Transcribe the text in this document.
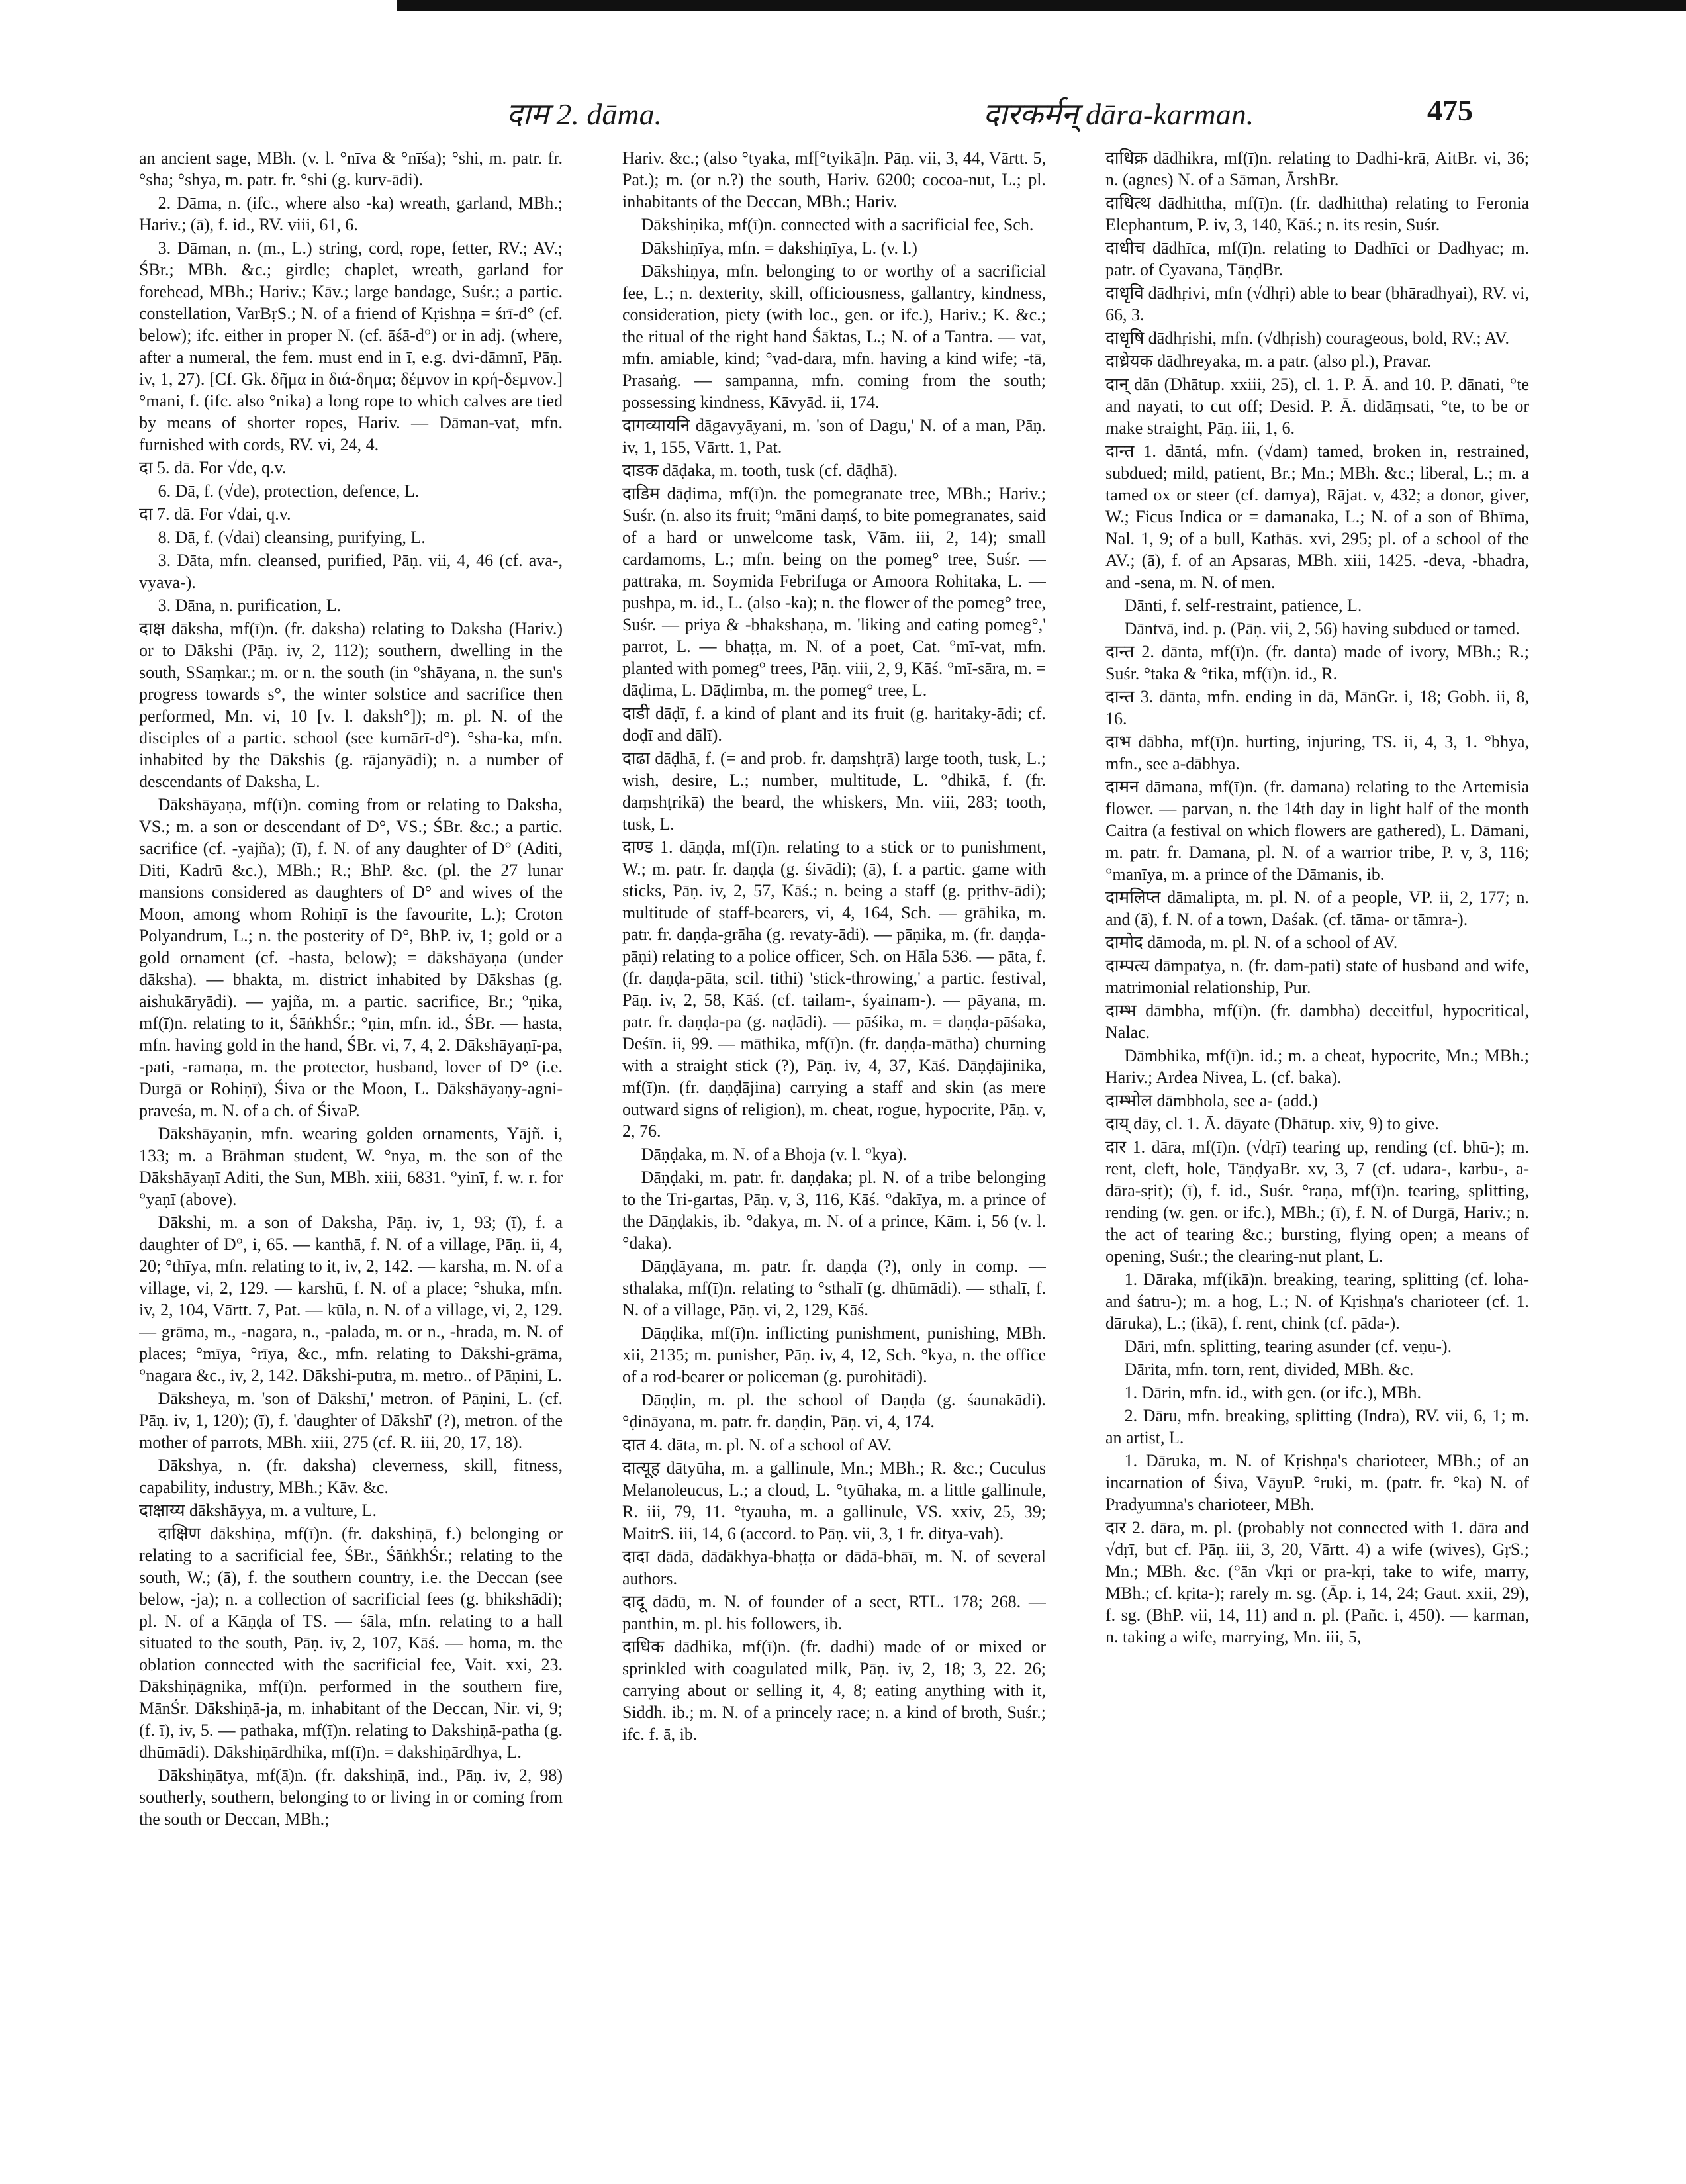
दाम 2. dāma.	दारकर्मन् dāra-karman.	475

an ancient sage, MBh. (v. l. °nīva & °nīśa); °shi, m. patr. fr. °sha; °shya, m. patr. fr. °shi (g. kurv-ādi).

2. Dāma, n. (ifc., where also -ka) wreath, garland, MBh.; Hariv.; (ā), f. id., RV. viii, 61, 6.

3. Dāman, n. (m., L.) string, cord, rope, fetter, RV.; AV.; ŚBr.; MBh. &c.; girdle; chaplet, wreath, garland for forehead, MBh.; Hariv.; Kāv.; large bandage, Suśr.; a partic. constellation, VarBṛS.; N. of a friend of Kṛishṇa = śrī-d° (cf. below); ifc. either in proper N. (cf. āśā-d°) or in adj. (where, after a numeral, the fem. must end in ī, e.g. dvi-dāmnī, Pāṇ. iv, 1, 27). [Cf. Gk. δῆμα in διά-δημα; δέμνον in κρή-δεμνον.] °mani, f. (ifc. also °nika) a long rope to which calves are tied by means of shorter ropes, Hariv. — Dāman-vat, mfn. furnished with cords, RV. vi, 24, 4.

दा 5. dā. For √de, q.v.

6. Dā, f. (√de), protection, defence, L.

दा 7. dā. For √dai, q.v.

8. Dā, f. (√dai) cleansing, purifying, L.

3. Dāta, mfn. cleansed, purified, Pāṇ. vii, 4, 46 (cf. ava-, vyava-).

3. Dāna, n. purification, L.

दाक्ष dāksha, mf(ī)n. (fr. daksha) relating to Daksha (Hariv.) or to Dākshi (Pāṇ. iv, 2, 112); southern, dwelling in the south, SSaṃkar.; m. or n. the south (in °shāyana, n. the sun's progress towards s°, the winter solstice and sacrifice then performed, Mn. vi, 10 [v. l. daksh°]); m. pl. N. of the disciples of a partic. school (see kumārī-d°). °sha-ka, mfn. inhabited by the Dākshis (g. rājanyādi); n. a number of descendants of Daksha, L.

Dākshāyaṇa, mf(ī)n. coming from or relating to Daksha, VS.; m. a son or descendant of D°, VS.; ŚBr. &c.; a partic. sacrifice (cf. -yajña); (ī), f. N. of any daughter of D° (Aditi, Diti, Kadrū &c.), MBh.; R.; BhP. &c. (pl. the 27 lunar mansions considered as daughters of D° and wives of the Moon, among whom Rohiṇī is the favourite, L.); Croton Polyandrum, L.; n. the posterity of D°, BhP. iv, 1; gold or a gold ornament (cf. -hasta, below); = dākshāyaṇa (under dāksha). — bhakta, m. district inhabited by Dākshas (g. aishukāryādi). — yajña, m. a partic. sacrifice, Br.; °ṇika, mf(ī)n. relating to it, ŚāṅkhŚr.; °ṇin, mfn. id., ŚBr. — hasta, mfn. having gold in the hand, ŚBr. vi, 7, 4, 2. Dākshāyaṇī-pa, -pati, -ramaṇa, m. the protector, husband, lover of D° (i.e. Durgā or Rohiṇī), Śiva or the Moon, L. Dākshāyaṇy-agni-praveśa, m. N. of a ch. of ŚivaP.

Dākshāyaṇin, mfn. wearing golden ornaments, Yājñ. i, 133; m. a Brāhman student, W. °nya, m. the son of the Dākshāyaṇī Aditi, the Sun, MBh. xiii, 6831. °yinī, f. w. r. for °yaṇī (above).

Dākshi, m. a son of Daksha, Pāṇ. iv, 1, 93; (ī), f. a daughter of D°, i, 65. — kanthā, f. N. of a village, Pāṇ. ii, 4, 20; °thīya, mfn. relating to it, iv, 2, 142. — karsha, m. N. of a village, vi, 2, 129. — karshū, f. N. of a place; °shuka, mfn. iv, 2, 104, Vārtt. 7, Pat. — kūla, n. N. of a village, vi, 2, 129. — grāma, m., -nagara, n., -palada, m. or n., -hrada, m. N. of places; °mīya, °rīya, &c., mfn. relating to Dākshi-grāma, °nagara &c., iv, 2, 142. Dākshi-putra, m. metro.. of Pāṇini, L.

Dāksheya, m. 'son of Dākshī,' metron. of Pāṇini, L. (cf. Pāṇ. iv, 1, 120); (ī), f. 'daughter of Dākshī' (?), metron. of the mother of parrots, MBh. xiii, 275 (cf. R. iii, 20, 17, 18).

Dākshya, n. (fr. daksha) cleverness, skill, fitness, capability, industry, MBh.; Kāv. &c.

दाक्षाय्य dākshāyya, m. a vulture, L.

दाक्षिण dākshiṇa, mf(ī)n. (fr. dakshiṇā, f.) belonging or relating to a sacrificial fee, ŚBr., ŚāṅkhŚr.; relating to the south, W.; (ā), f. the southern country, i.e. the Deccan (see below, -ja); n. a collection of sacrificial fees (g. bhikshādi); pl. N. of a Kāṇḍa of TS. — śāla, mfn. relating to a hall situated to the south, Pāṇ. iv, 2, 107, Kāś. — homa, m. the oblation connected with the sacrificial fee, Vait. xxi, 23. Dākshiṇāgnika, mf(ī)n. performed in the southern fire, MānŚr. Dākshiṇā-ja, m. inhabitant of the Deccan, Nir. vi, 9; (f. ī), iv, 5. — pathaka, mf(ī)n. relating to Dakshiṇā-patha (g. dhūmādi). Dākshiṇārdhika, mf(ī)n. = dakshiṇārdhya, L.

Dākshiṇātya, mf(ā)n. (fr. dakshiṇā, ind., Pāṇ. iv, 2, 98) southerly, southern, belonging to or living in or coming from the south or Deccan, MBh.;

Hariv. &c.; (also °tyaka, mf[°tyikā]n. Pāṇ. vii, 3, 44, Vārtt. 5, Pat.); m. (or n.?) the south, Hariv. 6200; cocoa-nut, L.; pl. inhabitants of the Deccan, MBh.; Hariv.

Dākshiṇika, mf(ī)n. connected with a sacrificial fee, Sch.

Dākshiṇīya, mfn. = dakshiṇīya, L. (v. l.)

Dākshiṇya, mfn. belonging to or worthy of a sacrificial fee, L.; n. dexterity, skill, officiousness, gallantry, kindness, consideration, piety (with loc., gen. or ifc.), Hariv.; K. &c.; the ritual of the right hand Śāktas, L.; N. of a Tantra. — vat, mfn. amiable, kind; °vad-dara, mfn. having a kind wife; -tā, Prasaṅg. — sampanna, mfn. coming from the south; possessing kindness, Kāvyād. ii, 174.

दागव्यायनि dāgavyāyani, m. 'son of Dagu,' N. of a man, Pāṇ. iv, 1, 155, Vārtt. 1, Pat.

दाडक dāḍaka, m. tooth, tusk (cf. dāḍhā).

दाडिम dāḍima, mf(ī)n. the pomegranate tree, MBh.; Hariv.; Suśr. (n. also its fruit; °māni daṃś, to bite pomegranates, said of a hard or unwelcome task, Vām. iii, 2, 14); small cardamoms, L.; mfn. being on the pomeg° tree, Suśr. — pattraka, m. Soymida Febrifuga or Amoora Rohitaka, L. — pushpa, m. id., L. (also -ka); n. the flower of the pomeg° tree, Suśr. — priya & -bhakshaṇa, m. 'liking and eating pomeg°,' parrot, L. — bhaṭṭa, m. N. of a poet, Cat. °mī-vat, mfn. planted with pomeg° trees, Pāṇ. viii, 2, 9, Kāś. °mī-sāra, m. = dāḍima, L. Dāḍimba, m. the pomeg° tree, L.

दाडी dāḍī, f. a kind of plant and its fruit (g. haritaky-ādi; cf. doḍī and dālī).

दाढा dāḍhā, f. (= and prob. fr. daṃshṭrā) large tooth, tusk, L.; wish, desire, L.; number, multitude, L. °dhikā, f. (fr. daṃshṭrikā) the beard, the whiskers, Mn. viii, 283; tooth, tusk, L.

दाण्ड 1. dāṇḍa, mf(ī)n. relating to a stick or to punishment, W.; m. patr. fr. daṇḍa (g. śivādi); (ā), f. a partic. game with sticks, Pāṇ. iv, 2, 57, Kāś.; n. being a staff (g. pṛithv-ādi); multitude of staff-bearers, vi, 4, 164, Sch. — grāhika, m. patr. fr. daṇḍa-grāha (g. revaty-ādi). — pāṇika, m. (fr. daṇḍa-pāṇi) relating to a police officer, Sch. on Hāla 536. — pāta, f. (fr. daṇḍa-pāta, scil. tithi) 'stick-throwing,' a partic. festival, Pāṇ. iv, 2, 58, Kāś. (cf. tailam-, śyainam-). — pāyana, m. patr. fr. daṇḍa-pa (g. naḍādi). — pāśika, m. = daṇḍa-pāśaka, Deśīn. ii, 99. — māthika, mf(ī)n. (fr. daṇḍa-mātha) churning with a straight stick (?), Pāṇ. iv, 4, 37, Kāś. Dāṇḍājinika, mf(ī)n. (fr. daṇḍājina) carrying a staff and skin (as mere outward signs of religion), m. cheat, rogue, hypocrite, Pāṇ. v, 2, 76.

Dāṇḍaka, m. N. of a Bhoja (v. l. °kya).

Dāṇḍaki, m. patr. fr. daṇḍaka; pl. N. of a tribe belonging to the Tri-gartas, Pāṇ. v, 3, 116, Kāś. °dakīya, m. a prince of the Dāṇḍakis, ib. °dakya, m. N. of a prince, Kām. i, 56 (v. l. °daka).

Dāṇḍāyana, m. patr. fr. daṇḍa (?), only in comp. — sthalaka, mf(ī)n. relating to °sthalī (g. dhūmādi). — sthalī, f. N. of a village, Pāṇ. vi, 2, 129, Kāś.

Dāṇḍika, mf(ī)n. inflicting punishment, punishing, MBh. xii, 2135; m. punisher, Pāṇ. iv, 4, 12, Sch. °kya, n. the office of a rod-bearer or policeman (g. purohitādi).

Dāṇḍin, m. pl. the school of Daṇḍa (g. śaunakādi). °ḍināyana, m. patr. fr. daṇḍin, Pāṇ. vi, 4, 174.

दात 4. dāta, m. pl. N. of a school of AV.

दात्यूह dātyūha, m. a gallinule, Mn.; MBh.; R. &c.; Cuculus Melanoleucus, L.; a cloud, L. °tyūhaka, m. a little gallinule, R. iii, 79, 11. °tyauha, m. a gallinule, VS. xxiv, 25, 39; MaitrS. iii, 14, 6 (accord. to Pāṇ. vii, 3, 1 fr. ditya-vah).

दादा dādā, dādākhya-bhaṭṭa or dādā-bhāī, m. N. of several authors.

दादू dādū, m. N. of founder of a sect, RTL. 178; 268. — panthin, m. pl. his followers, ib.

दाधिक dādhika, mf(ī)n. (fr. dadhi) made of or mixed or sprinkled with coagulated milk, Pāṇ. iv, 2, 18; 3, 22. 26; carrying about or selling it, 4, 8; eating anything with it, Siddh. ib.; m. N. of a princely race; n. a kind of broth, Suśr.; ifc. f. ā, ib.

दाधिक्र dādhikra, mf(ī)n. relating to Dadhi-krā, AitBr. vi, 36; n. (agnes) N. of a Sāman, ĀrshBr.

दाधित्थ dādhittha, mf(ī)n. (fr. dadhittha) relating to Feronia Elephantum, P. iv, 3, 140, Kāś.; n. its resin, Suśr.

दाधीच dādhīca, mf(ī)n. relating to Dadhīci or Dadhyac; m. patr. of Cyavana, TāṇḍBr.

दाधृवि dādhṛivi, mfn (√dhṛi) able to bear (bhāradhyai), RV. vi, 66, 3.

दाधृषि dādhṛishi, mfn. (√dhṛish) courageous, bold, RV.; AV.

दाध्रेयक dādhreyaka, m. a patr. (also pl.), Pravar.

दान् dān (Dhātup. xxiii, 25), cl. 1. P. Ā. and 10. P. dānati, °te and nayati, to cut off; Desid. P. Ā. didāṃsati, °te, to be or make straight, Pāṇ. iii, 1, 6.

दान्त 1. dāntá, mfn. (√dam) tamed, broken in, restrained, subdued; mild, patient, Br.; Mn.; MBh. &c.; liberal, L.; m. a tamed ox or steer (cf. damya), Rājat. v, 432; a donor, giver, W.; Ficus Indica or = damanaka, L.; N. of a son of Bhīma, Nal. 1, 9; of a bull, Kathās. xvi, 295; pl. of a school of the AV.; (ā), f. of an Apsaras, MBh. xiii, 1425. -deva, -bhadra, and -sena, m. N. of men.

Dānti, f. self-restraint, patience, L.

Dāntvā, ind. p. (Pāṇ. vii, 2, 56) having subdued or tamed.

दान्त 2. dānta, mf(ī)n. (fr. danta) made of ivory, MBh.; R.; Suśr. °taka & °tika, mf(ī)n. id., R.

दान्त 3. dānta, mfn. ending in dā, MānGr. i, 18; Gobh. ii, 8, 16.

दाभ dābha, mf(ī)n. hurting, injuring, TS. ii, 4, 3, 1. °bhya, mfn., see a-dābhya.

दामन dāmana, mf(ī)n. (fr. damana) relating to the Artemisia flower. — parvan, n. the 14th day in light half of the month Caitra (a festival on which flowers are gathered), L. Dāmani, m. patr. fr. Damana, pl. N. of a warrior tribe, P. v, 3, 116; °manīya, m. a prince of the Dāmanis, ib.

दामलिप्त dāmalipta, m. pl. N. of a people, VP. ii, 2, 177; n. and (ā), f. N. of a town, Daśak. (cf. tāma- or tāmra-).

दामोद dāmoda, m. pl. N. of a school of AV.

दाम्पत्य dāmpatya, n. (fr. dam-pati) state of husband and wife, matrimonial relationship, Pur.

दाम्भ dāmbha, mf(ī)n. (fr. dambha) deceitful, hypocritical, Nalac.

Dāmbhika, mf(ī)n. id.; m. a cheat, hypocrite, Mn.; MBh.; Hariv.; Ardea Nivea, L. (cf. baka).

दाम्भोल dāmbhola, see a- (add.)

दाय् dāy, cl. 1. Ā. dāyate (Dhātup. xiv, 9) to give.

दार 1. dāra, mf(ī)n. (√dṛī) tearing up, rending (cf. bhū-); m. rent, cleft, hole, TāṇḍyaBr. xv, 3, 7 (cf. udara-, karbu-, a-dāra-sṛit); (ī), f. id., Suśr. °raṇa, mf(ī)n. tearing, splitting, rending (w. gen. or ifc.), MBh.; (ī), f. N. of Durgā, Hariv.; n. the act of tearing &c.; bursting, flying open; a means of opening, Suśr.; the clearing-nut plant, L.

1. Dāraka, mf(ikā)n. breaking, tearing, splitting (cf. loha- and śatru-); m. a hog, L.; N. of Kṛishṇa's charioteer (cf. 1. dāruka), L.; (ikā), f. rent, chink (cf. pāda-).

Dāri, mfn. splitting, tearing asunder (cf. veṇu-).

Dārita, mfn. torn, rent, divided, MBh. &c.

1. Dārin, mfn. id., with gen. (or ifc.), MBh.

2. Dāru, mfn. breaking, splitting (Indra), RV. vii, 6, 1; m. an artist, L.

1. Dāruka, m. N. of Kṛishṇa's charioteer, MBh.; of an incarnation of Śiva, VāyuP. °ruki, m. (patr. fr. °ka) N. of Pradyumna's charioteer, MBh.

दार 2. dāra, m. pl. (probably not connected with 1. dāra and √dṛī, but cf. Pāṇ. iii, 3, 20, Vārtt. 4) a wife (wives), GṛS.; Mn.; MBh. &c. (°ān √kṛi or pra-kṛi, take to wife, marry, MBh.; cf. kṛita-); rarely m. sg. (Āp. i, 14, 24; Gaut. xxii, 29), f. sg. (BhP. vii, 14, 11) and n. pl. (Pañc. i, 450). — karman, n. taking a wife, marrying, Mn. iii, 5,
